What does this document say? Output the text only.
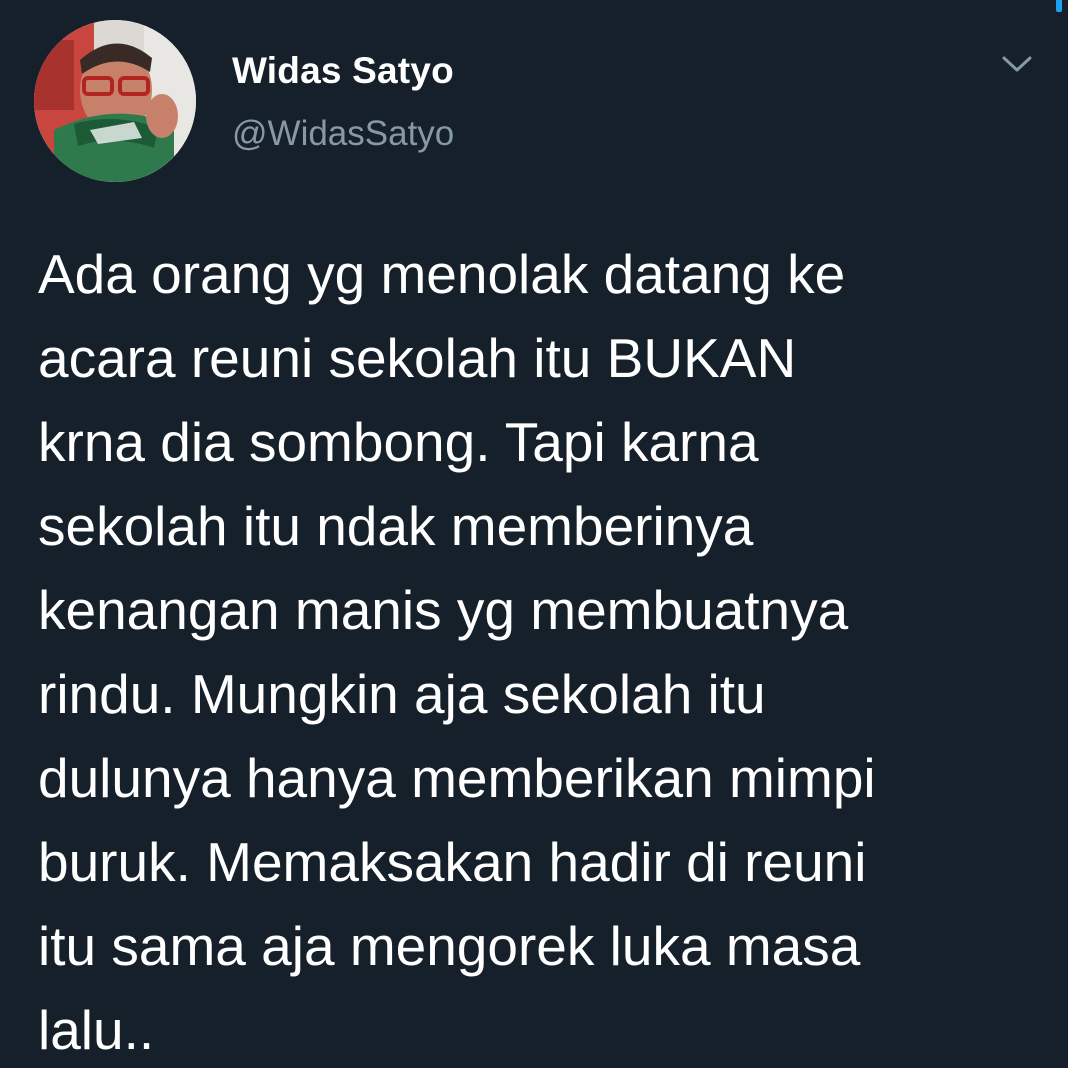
Widas Satyo
@WidasSatyo

Ada orang yg menolak datang ke
acara reuni sekolah itu BUKAN
krna dia sombong. Tapi karna
sekolah itu ndak memberinya
kenangan manis yg membuatnya
rindu. Mungkin aja sekolah itu
dulunya hanya memberikan mimpi
buruk. Memaksakan hadir di reuni
itu sama aja mengorek luka masa
lalu..
